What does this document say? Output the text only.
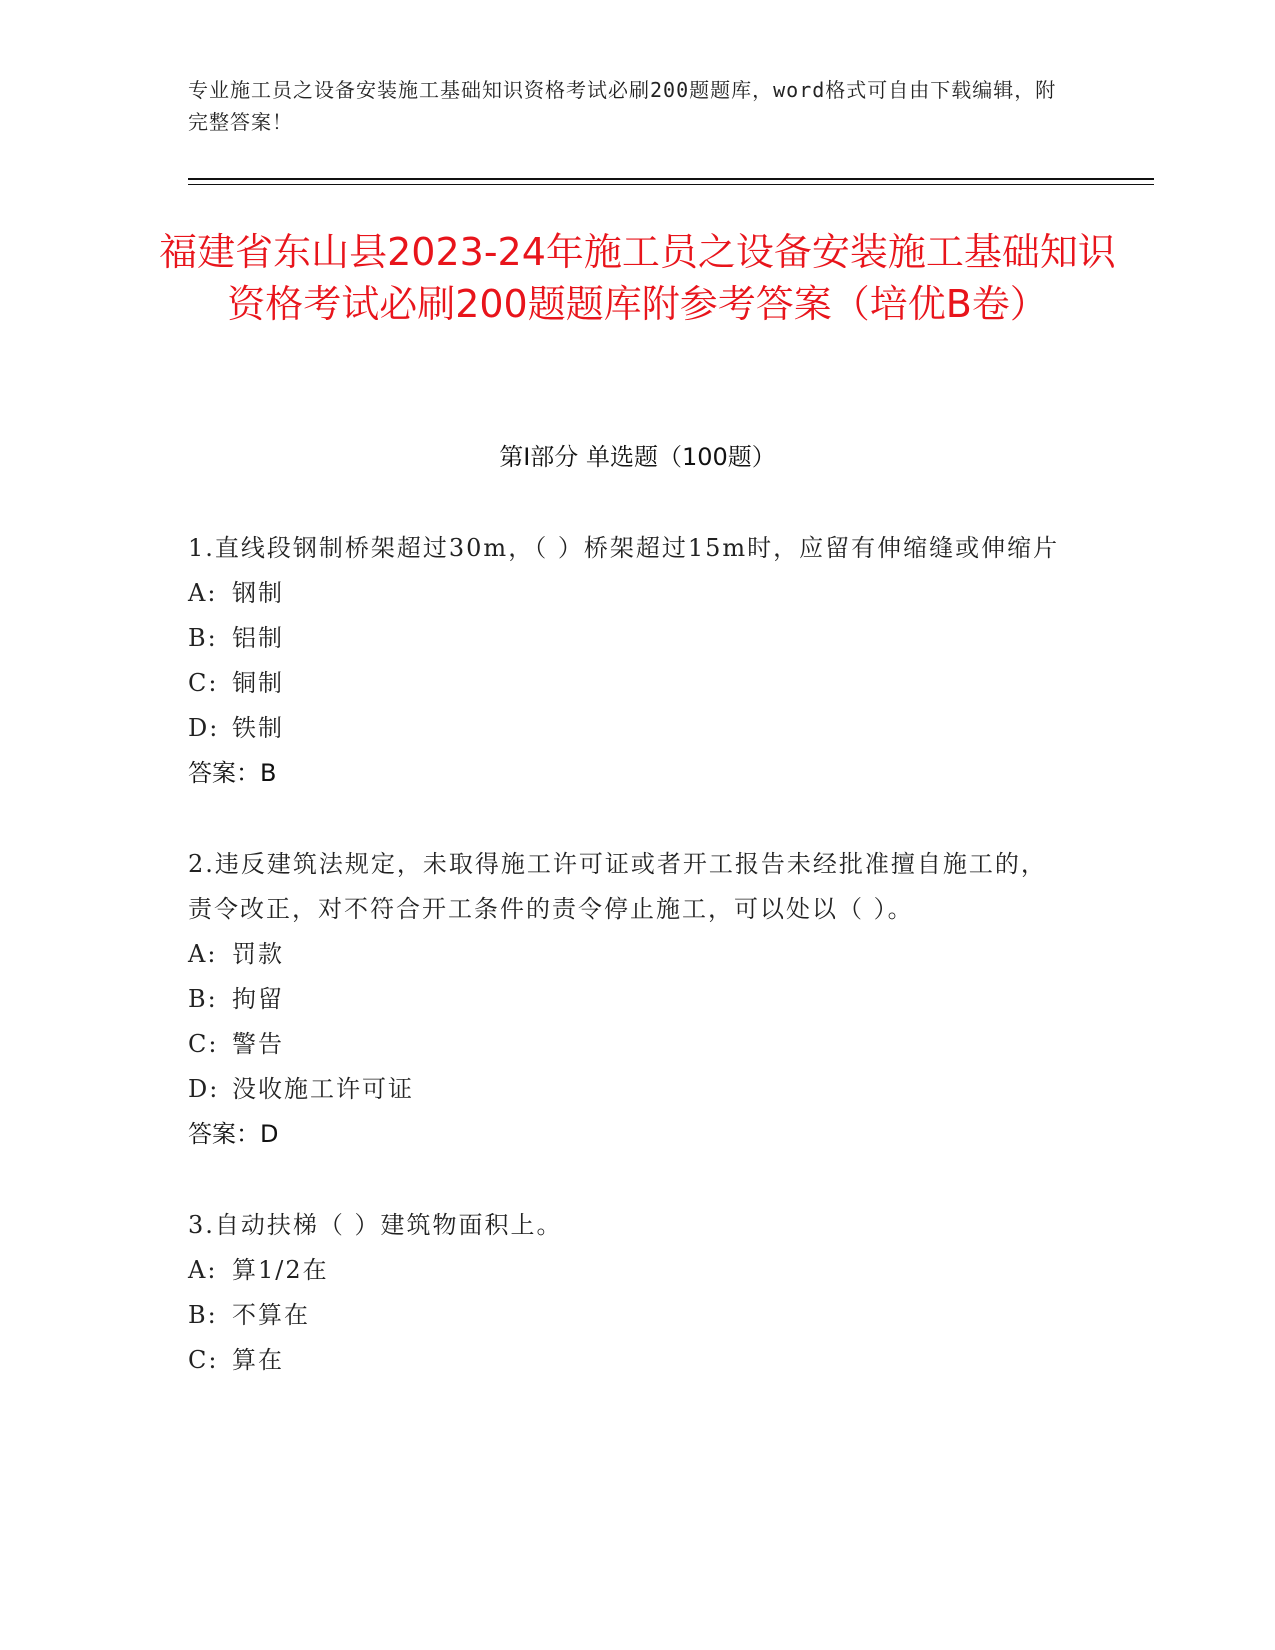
专业施工员之设备安装施工基础知识资格考试必刷200题题库，word格式可自由下载编辑，附完整答案！
福建省东山县2023-24年施工员之设备安装施工基础知识资格考试必刷200题题库附参考答案（培优B卷）
第I部分 单选题（100题）

1.直线段钢制桥架超过30m，（ ）桥架超过15m时，应留有伸缩缝或伸缩片

A: 钢制

B: 铝制

C: 铜制

D: 铁制

答案：B

2.违反建筑法规定，未取得施工许可证或者开工报告未经批准擅自施工的，责令改正，对不符合开工条件的责令停止施工，可以处以（ ）。

A: 罚款

B: 拘留

C: 警告

D: 没收施工许可证

答案：D

3.自动扶梯（ ）建筑物面积上。

A: 算1/2在

B: 不算在

C: 算在
